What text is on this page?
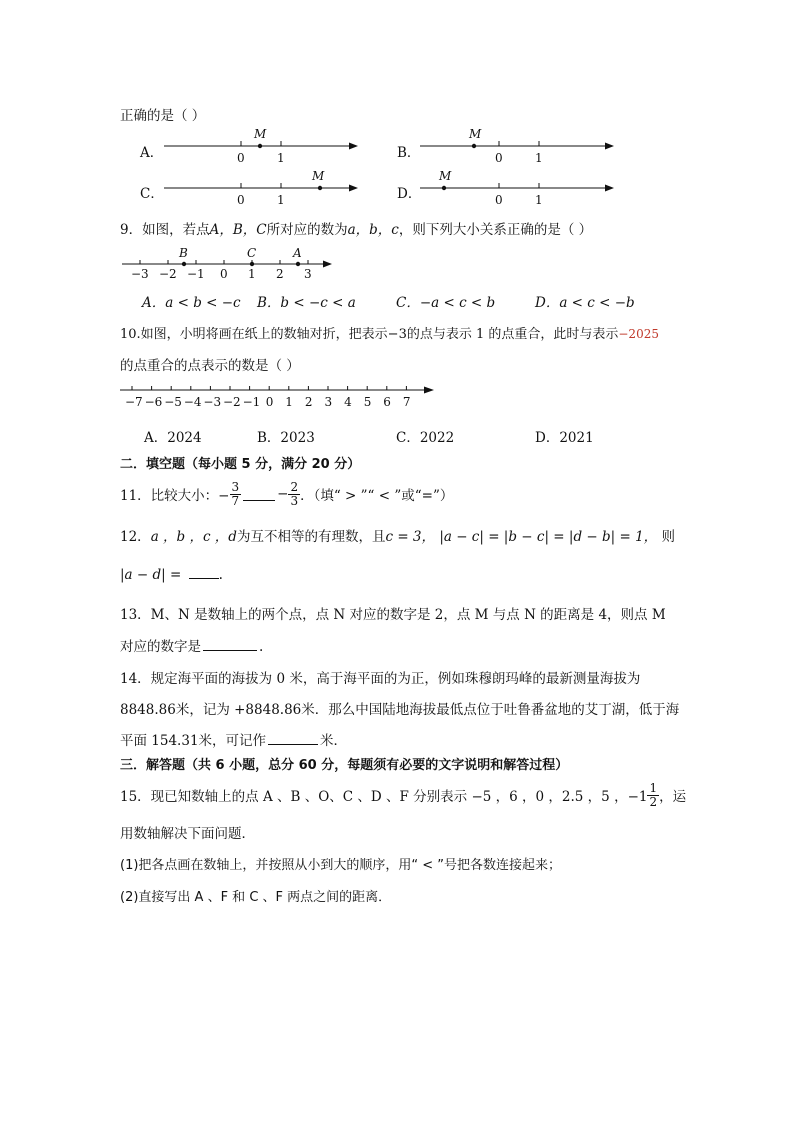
正确的是（ ）
A．
M
0	1	B．
M
0	1
C．
M
0	1	D．
M
0	1
9．如图，若点A，B，C所对应的数为a，b，c，则下列大小关系正确的是（ ）
B	C	A
−3 −2 −1 0 1 2 3
A．a < b < −c B．b < −c < a	C．−a < c < b	D．a < c < −b
10.如图，小明将画在纸上的数轴对折，把表示−3的点与表示 1 的点重合，此时与表示−2025
的点重合的点表示的数是（ ）
−7 −6 −5 −4 −3 −2 −1 0 1 2 3 4 5 6 7
A．2024	B．2023	C．2022	D．2021
二．填空题（每小题 5 分，满分 20 分）
11．比较大小：− $\frac{3}{7}$	− $\frac{2}{3}$ ．（填“ > ”“ < ”或“=”）
12．a ，b ，c ，d为互不相等的有理数，且c = 3， |a − c| = |b − c| = |d − b| = 1， 则
|a − d| =	.
13．M、N 是数轴上的两个点，点 N 对应的数字是 2，点 M 与点 N 的距离是 4，则点 M
对应的数字是	.
14．规定海平面的海拔为 0 米，高于海平面的为正，例如珠穆朗玛峰的最新测量海拔为
8848.86米，记为 +8848.86米．那么中国陆地海拔最低点位于吐鲁番盆地的艾丁湖，低于海
平面 154.31米，可记作	米．
三．解答题（共 6 小题，总分 60 分，每题须有必要的文字说明和解答过程）
15．现已知数轴上的点 A 、B 、O、C 、D 、F 分别表示 −5 ，6 ，0 ，2.5 ，5 ，$-1 \frac{1}{2}$ ，运
用数轴解决下面问题．
(1)把各点画在数轴上，并按照从小到大的顺序，用“ < ”号把各数连接起来；
(2)直接写出 A 、F 和 C 、F 两点之间的距离．
